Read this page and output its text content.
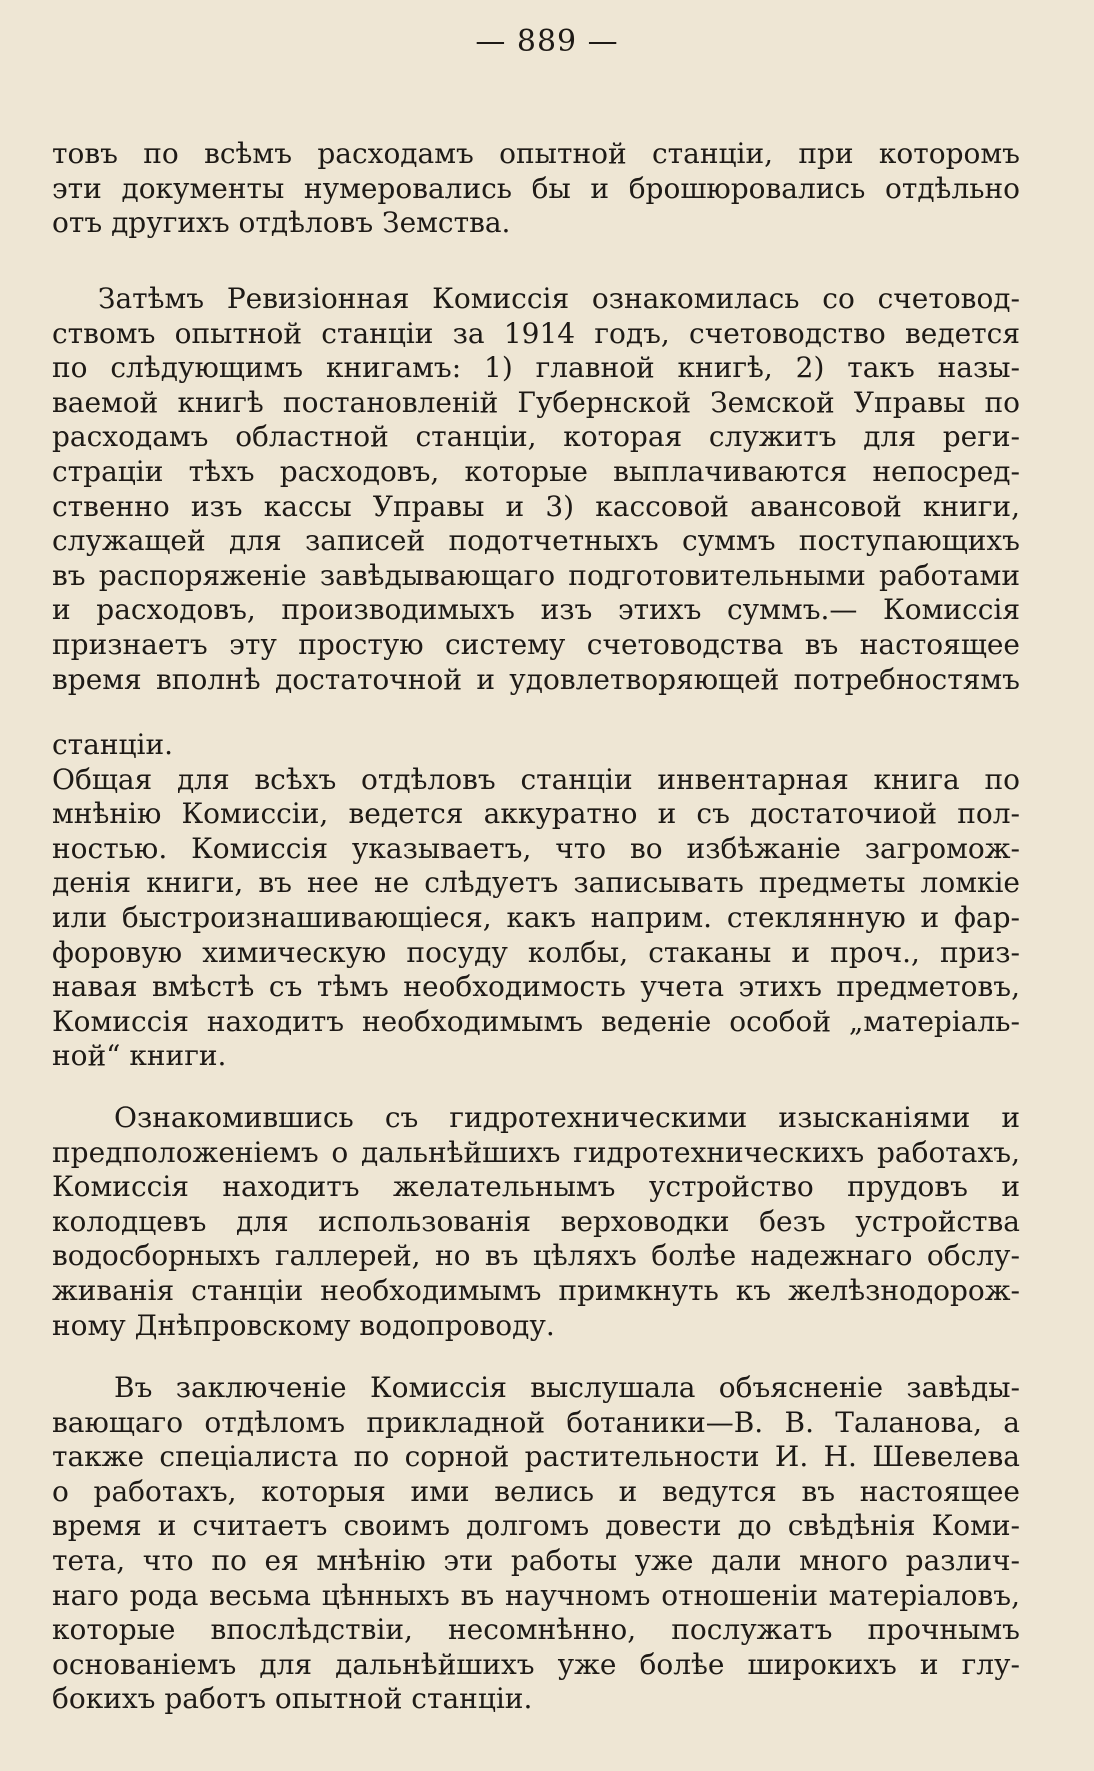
— 889 —
товъ по всѣмъ расходамъ опытной станціи, при которомъ
эти документы нумеровались бы и брошюровались отдѣльно
отъ другихъ отдѣловъ Земства.
Затѣмъ Ревизіонная Комиссія ознакомилась со счетовод-
ствомъ опытной станціи за 1914 годъ, счетоводство ведется
по слѣдующимъ книгамъ: 1) главной книгѣ, 2) такъ назы-
ваемой книгѣ постановленій Губернской Земской Управы по
расходамъ областной станціи, которая служитъ для реги-
страціи тѣхъ расходовъ, которые выплачиваются непосред-
ственно изъ кассы Управы и 3) кассовой авансовой книги,
служащей для записей подотчетныхъ суммъ поступающихъ
въ распоряженіе завѣдывающаго подготовительными работами
и расходовъ, производимыхъ изъ этихъ суммъ.— Комиссія
признаетъ эту простую систему счетоводства въ настоящее
время вполнѣ достаточной и удовлетворяющей потребностямъ
станціи.
Общая для всѣхъ отдѣловъ станціи инвентарная книга по
мнѣнію Комиссіи, ведется аккуратно и съ достаточиой пол-
ностью. Комиссія указываетъ, что во избѣжаніе загромож-
денія книги, въ нее не слѣдуетъ записывать предметы ломкіе
или быстроизнашивающіеся, какъ наприм. стеклянную и фар-
форовую химическую посуду колбы, стаканы и проч., приз-
навая вмѣстѣ съ тѣмъ необходимость учета этихъ предметовъ,
Комиссія находитъ необходимымъ веденіе особой „матеріаль-
ной“ книги.
Ознакомившись съ гидротехническими изысканіями и
предположеніемъ о дальнѣйшихъ гидротехническихъ работахъ,
Комиссія находитъ желательнымъ устройство прудовъ и
колодцевъ для использованія верховодки безъ устройства
водосборныхъ галлерей, но въ цѣляхъ болѣе надежнаго обслу-
живанія станціи необходимымъ примкнуть къ желѣзнодорож-
ному Днѣпровскому водопроводу.
Въ заключеніе Комиссія выслушала объясненіе завѣды-
вающаго отдѣломъ прикладной ботаники—В. В. Таланова, а
также спеціалиста по сорной растительности И. Н. Шевелева
о работахъ, которыя ими велись и ведутся въ настоящее
время и считаетъ своимъ долгомъ довести до свѣдѣнія Коми-
тета, что по ея мнѣнію эти работы уже дали много различ-
наго рода весьма цѣнныхъ въ научномъ отношеніи матеріаловъ,
которые впослѣдствіи, несомнѣнно, послужатъ прочнымъ
основаніемъ для дальнѣйшихъ уже болѣе широкихъ и глу-
бокихъ работъ опытной станціи.
